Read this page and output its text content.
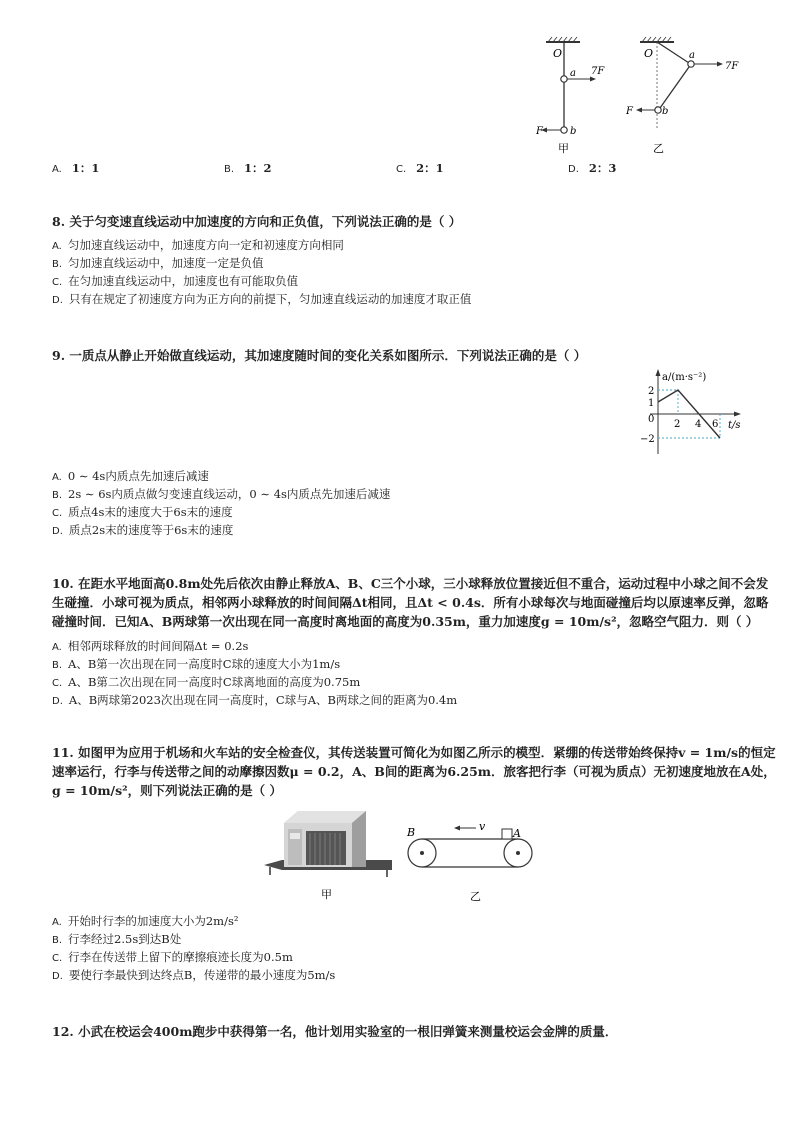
O
a 7F
b
F
甲
O	a
7F
b
F
乙
A. 1：1	B. 1：2	C. 2：1	D. 2：3
8. 关于匀变速直线运动中加速度的方向和正负值，下列说法正确的是（ ）
A. 匀加速直线运动中，加速度方向一定和初速度方向相同
B. 匀加速直线运动中，加速度一定是负值
C. 在匀加速直线运动中，加速度也有可能取负值
D. 只有在规定了初速度方向为正方向的前提下，匀加速直线运动的加速度才取正值
9. 一质点从静止开始做直线运动，其加速度随时间的变化关系如图所示．下列说法正确的是（ ）
a/(m·s⁻²)
t/s
0
2
1
−2
2 4 6
A. 0 ∼ 4s内质点先加速后减速
B. 2s ∼ 6s内质点做匀变速直线运动，0 ∼ 4s内质点先加速后减速
C. 质点4s末的速度大于6s末的速度
D. 质点2s末的速度等于6s末的速度
10. 在距水平地面高0.8m处先后依次由静止释放A、B、C三个小球，三小球释放位置接近但不重合，运动过程中小球之间不会发
生碰撞．小球可视为质点，相邻两小球释放的时间间隔Δt相同，且Δt < 0.4s．所有小球每次与地面碰撞后均以原速率反弹，忽略
碰撞时间．已知A、B两球第一次出现在同一高度时离地面的高度为0.35m，重力加速度g = 10m/s²，忽略空气阻力．则（ ）
A. 相邻两球释放的时间间隔Δt = 0.2s
B. A、B第一次出现在同一高度时C球的速度大小为1m/s
C. A、B第二次出现在同一高度时C球离地面的高度为0.75m
D. A、B两球第2023次出现在同一高度时，C球与A、B两球之间的距离为0.4m
11. 如图甲为应用于机场和火车站的安全检查仪，其传送装置可简化为如图乙所示的模型．紧绷的传送带始终保持v = 1m/s的恒定
速率运行，行李与传送带之间的动摩擦因数μ = 0.2，A、B间的距离为6.25m．旅客把行李（可视为质点）无初速度地放在A处，
g = 10m/s²，则下列说法正确的是（ ）
甲
B	A
v
乙
A. 开始时行李的加速度大小为2m/s²
B. 行李经过2.5s到达B处
C. 行李在传送带上留下的摩擦痕迹长度为0.5m
D. 要使行李最快到达终点B，传递带的最小速度为5m/s
12. 小武在校运会400m跑步中获得第一名，他计划用实验室的一根旧弹簧来测量校运会金牌的质量．
